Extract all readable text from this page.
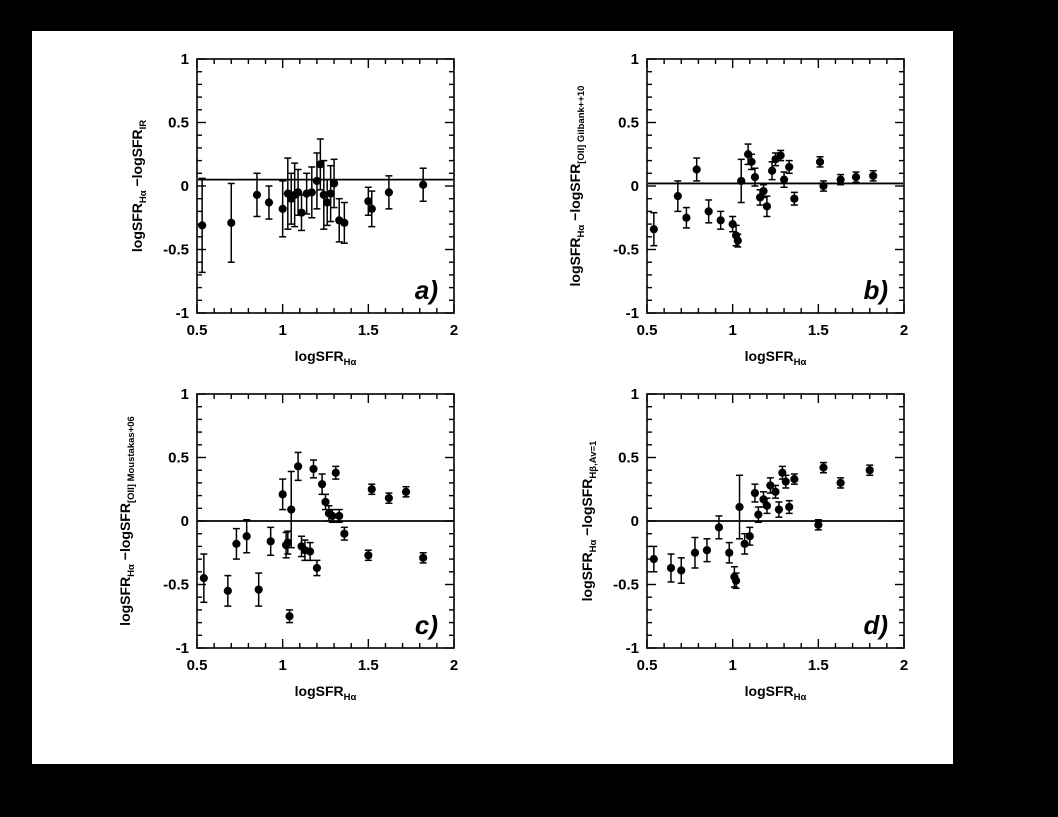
0.5	1	1.5	2
1
0.5
0
-0.5
-1
a)
logSFR$_{H\alpha}$
logSFR$_{H\alpha}$ −logSFR$_{IR}$
0.5	1	1.5	2
1
0.5
0
-0.5
-1
b)
logSFR$_{H\alpha}$
logSFR$_{H\alpha}$ −logSFR$_{[OII]}$ Gilbank++10
0.5	1	1.5	2
1
0.5
0
-0.5
-1
c)
logSFR$_{H\alpha}$
logSFR$_{H\alpha}$ −logSFR$_{[OII]}$ Moustakas+06
0.5	1	1.5	2
1
0.5
0
-0.5
-1
d)
logSFR$_{H\alpha}$
logSFR$_{H\alpha}$ −logSFR$_{H\beta,Av=1}$
